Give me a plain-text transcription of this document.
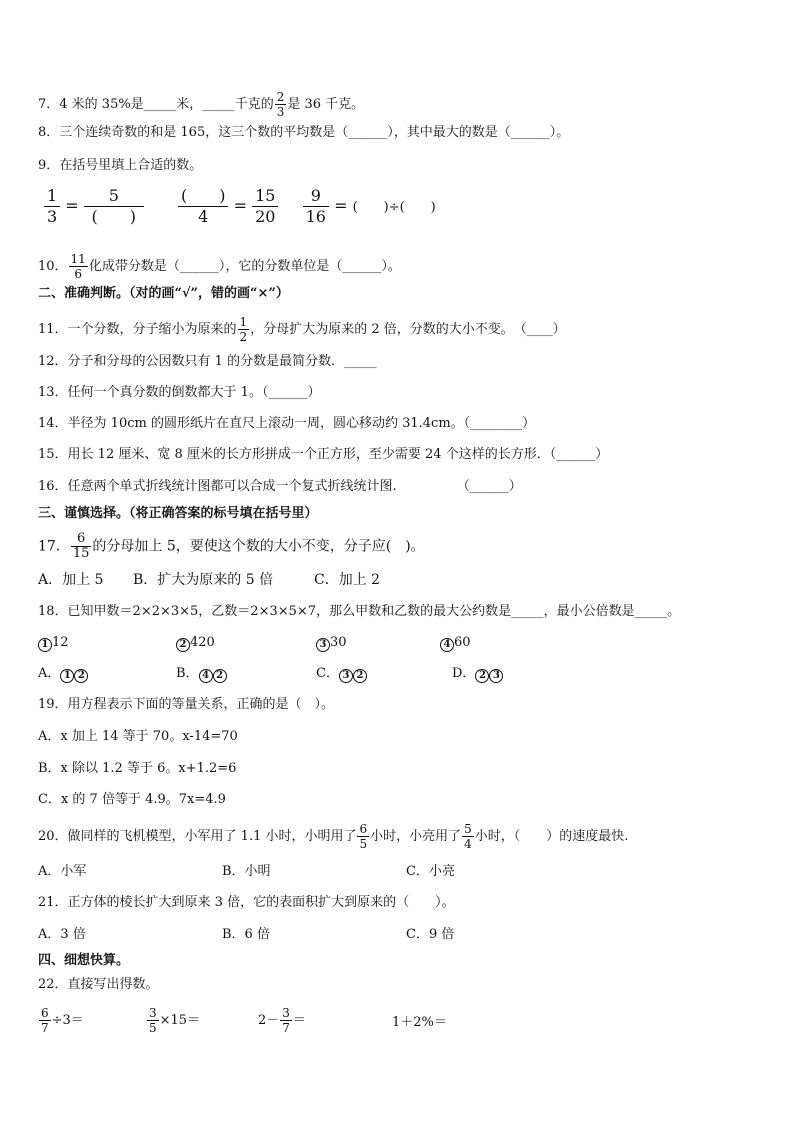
7．4 米的 35%是_____米，_____千克的 $\frac{2}{3}$ 是 36 千克。
8．三个连续奇数的和是 165，这三个数的平均数是（______），其中最大的数是（______）。
9．在括号里填上合适的数。
$\frac{1}{3}$ =
5
(　　)

(　　)
4
= $\frac{15}{20}$
$\frac{9}{16}$ = (　　)÷(　　)
10． $\frac{11}{6}$ 化成带分数是（______），它的分数单位是（______）。
二、准确判断。（对的画“√”，错的画“×”）
11．一个分数，分子缩小为原来的 $\frac{1}{2}$ ，分母扩大为原来的 2 倍，分数的大小不变。　（____）
12．分子和分母的公因数只有 1 的分数是最简分数．_____
13．任何一个真分数的倒数都大于 1。（______）
14．半径为 10cm 的圆形纸片在直尺上滚动一周，圆心移动约 31.4cm。（________）
15．用长 12 厘米、宽 8 厘米的长方形拼成一个正方形，至少需要 24 个这样的长方形．（______）
16．任意两个单式折线统计图都可以合成一个复式折线统计图.	（______）
三、谨慎选择。（将正确答案的标号填在括号里）
17． $\frac{6}{15}$ 的分母加上 5，要使这个数的大小不变，分子应(　)。
A．加上 5 B．扩大为原来的 5 倍	C．加上 2
18．已知甲数＝2×2×3×5，乙数＝2×3×5×7，那么甲数和乙数的最大公约数是_____，最小公倍数是_____。
1 12	2 420	3 30	4 60
A． 1 2	B． 4 2	C． 3 2	D． 2 3
19．用方程表示下面的等量关系，正确的是（　）。
A．x 加上 14 等于 70。x-14=70
B．x 除以 1.2 等于 6。x+1.2=6
C．x 的 7 倍等于 4.9。7x=4.9
20．做同样的飞机模型，小军用了 1.1 小时，小明用了 $\frac{6}{5}$ 小时，小亮用了 $\frac{5}{4}$ 小时，（　　）的速度最快.
A．小军	B．小明	C．小亮
21．正方体的棱长扩大到原来 3 倍，它的表面积扩大到原来的（　　）。
A．3 倍	B．6 倍	C．9 倍
四、细想快算。
22．直接写出得数。
$\frac{6}{7} \div 3=$	$\frac{3}{5} \times 15=$	$2- \frac{3}{7}$ ＝	1＋2%＝
